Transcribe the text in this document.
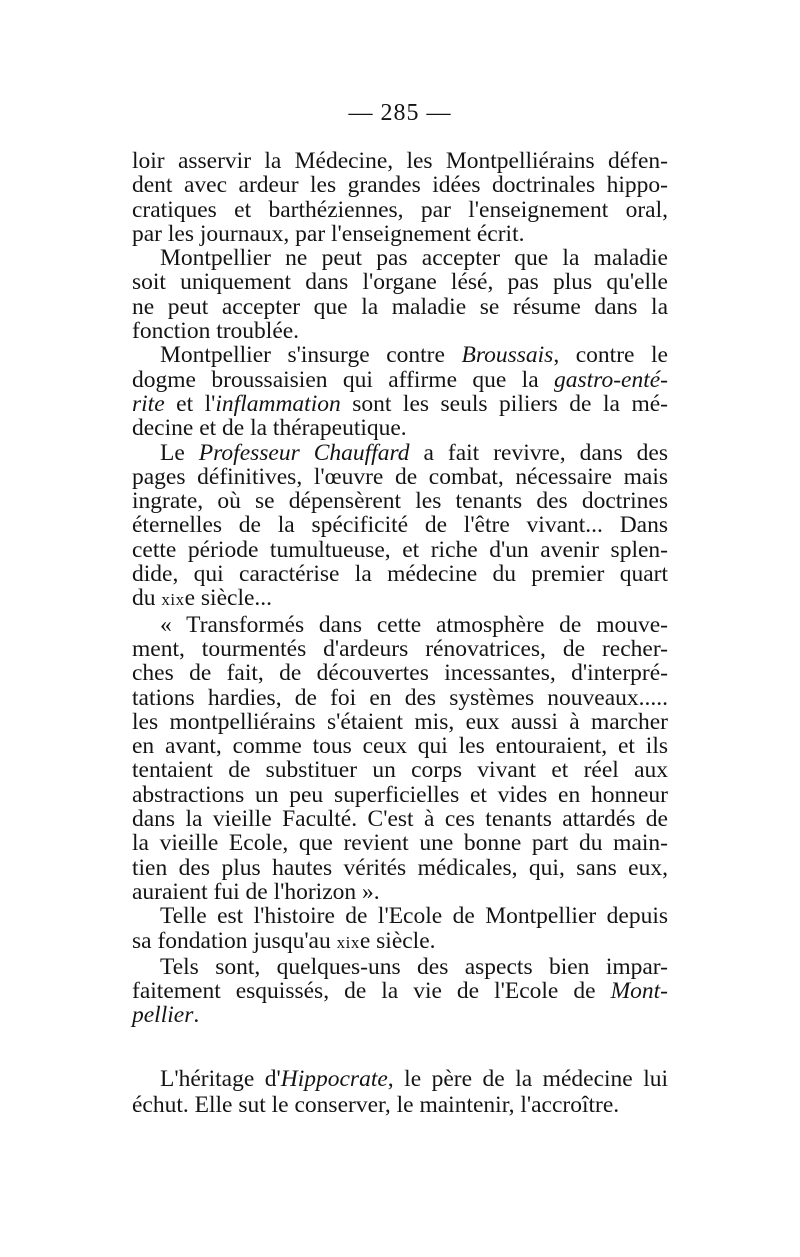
— 285 —
loir asservir la Médecine, les Montpelliérains défen-
dent avec ardeur les grandes idées doctrinales hippo-
cratiques et barthéziennes, par l'enseignement oral,
par les journaux, par l'enseignement écrit.
Montpellier ne peut pas accepter que la maladie
soit uniquement dans l'organe lésé, pas plus qu'elle
ne peut accepter que la maladie se résume dans la
fonction troublée.
Montpellier s'insurge contre Broussais, contre le
dogme broussaisien qui affirme que la gastro-enté-
rite et l'inflammation sont les seuls piliers de la mé-
decine et de la thérapeutique.
Le Professeur Chauffard a fait revivre, dans des
pages définitives, l'œuvre de combat, nécessaire mais
ingrate, où se dépensèrent les tenants des doctrines
éternelles de la spécificité de l'être vivant... Dans
cette période tumultueuse, et riche d'un avenir splen-
dide, qui caractérise la médecine du premier quart
du xixe siècle...
« Transformés dans cette atmosphère de mouve-
ment, tourmentés d'ardeurs rénovatrices, de recher-
ches de fait, de découvertes incessantes, d'interpré-
tations hardies, de foi en des systèmes nouveaux.....
les montpelliérains s'étaient mis, eux aussi à marcher
en avant, comme tous ceux qui les entouraient, et ils
tentaient de substituer un corps vivant et réel aux
abstractions un peu superficielles et vides en honneur
dans la vieille Faculté. C'est à ces tenants attardés de
la vieille Ecole, que revient une bonne part du main-
tien des plus hautes vérités médicales, qui, sans eux,
auraient fui de l'horizon ».
Telle est l'histoire de l'Ecole de Montpellier depuis
sa fondation jusqu'au xixe siècle.
Tels sont, quelques-uns des aspects bien impar-
faitement esquissés, de la vie de l'Ecole de Mont-
pellier.
L'héritage d'Hippocrate, le père de la médecine lui
échut. Elle sut le conserver, le maintenir, l'accroître.
